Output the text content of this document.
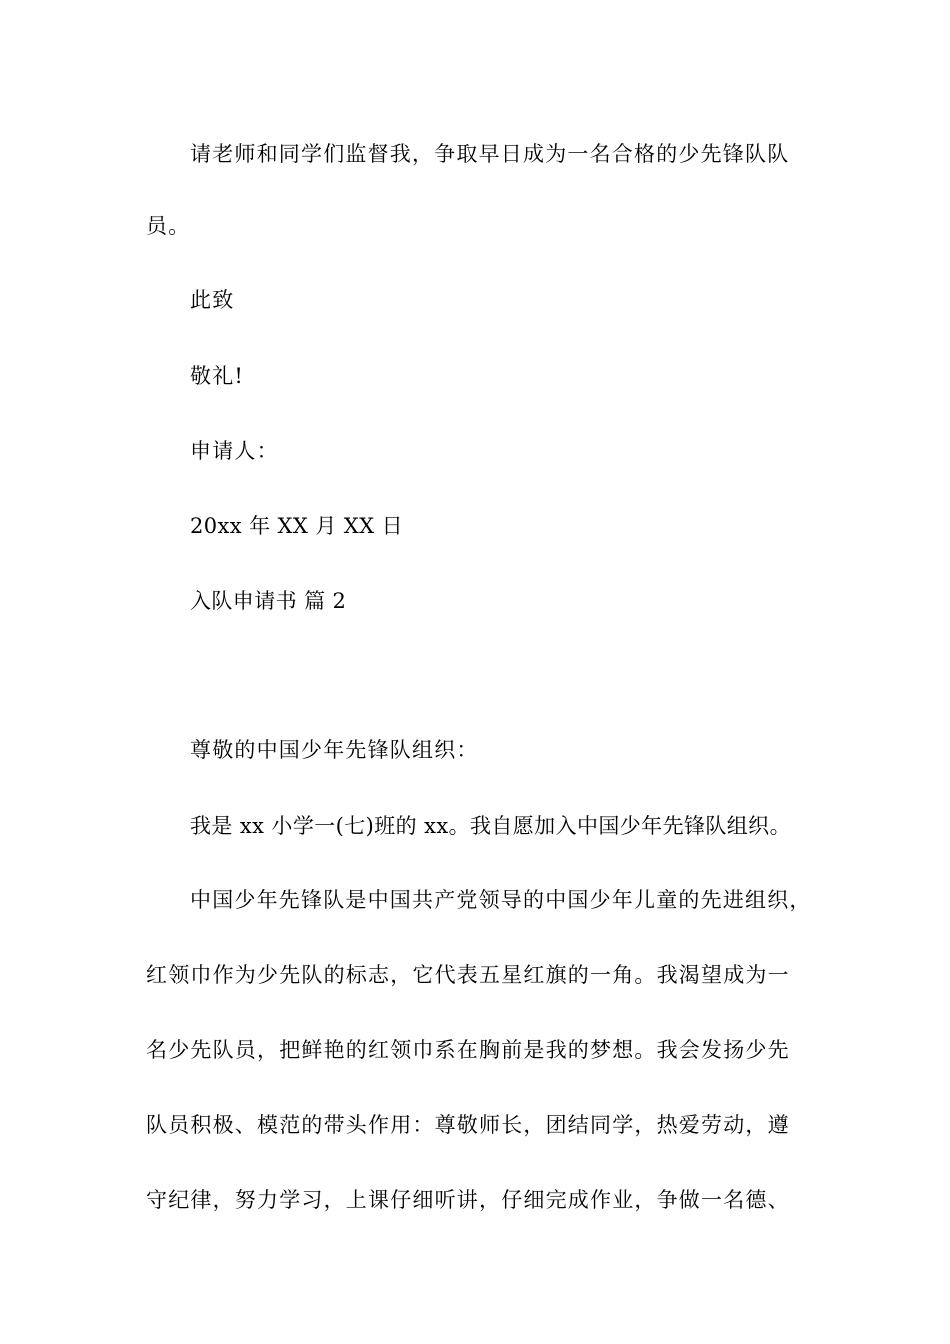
请老师和同学们监督我，争取早日成为一名合格的少先锋队队
员。
此致
敬礼!
申请人：
20xx 年 XX 月 XX 日
入队申请书 篇 2
尊敬的中国少年先锋队组织：
我是 xx 小学一(七)班的 xx。我自愿加入中国少年先锋队组织。
中国少年先锋队是中国共产党领导的中国少年儿童的先进组织，
红领巾作为少先队的标志，它代表五星红旗的一角。我渴望成为一
名少先队员，把鲜艳的红领巾系在胸前是我的梦想。我会发扬少先
队员积极、模范的带头作用：尊敬师长，团结同学，热爱劳动，遵
守纪律，努力学习，上课仔细听讲，仔细完成作业，争做一名德、
